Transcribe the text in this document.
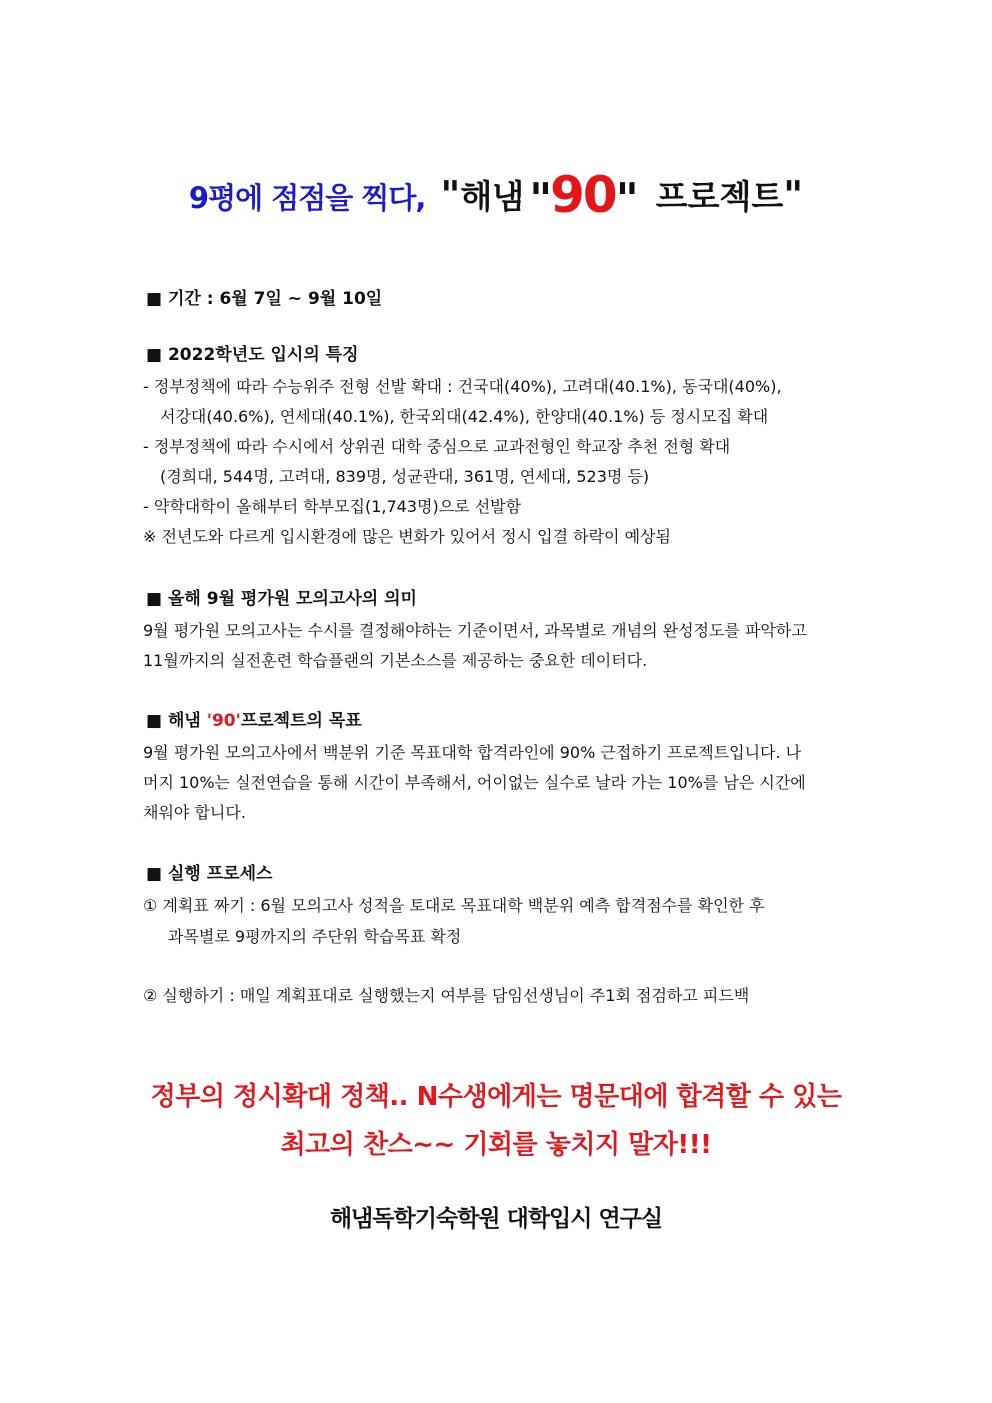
9평에 점점을 찍다, "해냄 "90" 프로젝트"
■ 기간 : 6월 7일 ~ 9월 10일
■ 2022학년도 입시의 특징
- 정부정책에 따라 수능위주 전형 선발 확대 : 건국대(40%), 고려대(40.1%), 동국대(40%),
서강대(40.6%), 연세대(40.1%), 한국외대(42.4%), 한양대(40.1%) 등 정시모집 확대
- 정부정책에 따라 수시에서 상위권 대학 중심으로 교과전형인 학교장 추천 전형 확대
(경희대, 544명, 고려대, 839명, 성균관대, 361명, 연세대, 523명 등)
- 약학대학이 올해부터 학부모집(1,743명)으로 선발함
※ 전년도와 다르게 입시환경에 많은 변화가 있어서 정시 입결 하락이 예상됨
■ 올해 9월 평가원 모의고사의 의미
9월 평가원 모의고사는 수시를 결정해야하는 기준이면서, 과목별로 개념의 완성정도를 파악하고
11월까지의 실전훈련 학습플랜의 기본소스를 제공하는 중요한 데이터다.
■ 해냄 '90'프로젝트의 목표
9월 평가원 모의고사에서 백분위 기준 목표대학 합격라인에 90% 근접하기 프로젝트입니다. 나
머지 10%는 실전연습을 통해 시간이 부족해서, 어이없는 실수로 날라 가는 10%를 남은 시간에
채워야 합니다.
■ 실행 프로세스
① 계획표 짜기 : 6월 모의고사 성적을 토대로 목표대학 백분위 예측 합격점수를 확인한 후
과목별로 9평까지의 주단위 학습목표 확정
② 실행하기 : 매일 계획표대로 실행했는지 여부를 담임선생님이 주1회 점검하고 피드백
정부의 정시확대 정책.. N수생에게는 명문대에 합격할 수 있는
최고의 찬스~~ 기회를 놓치지 말자!!!
해냄독학기숙학원 대학입시 연구실
